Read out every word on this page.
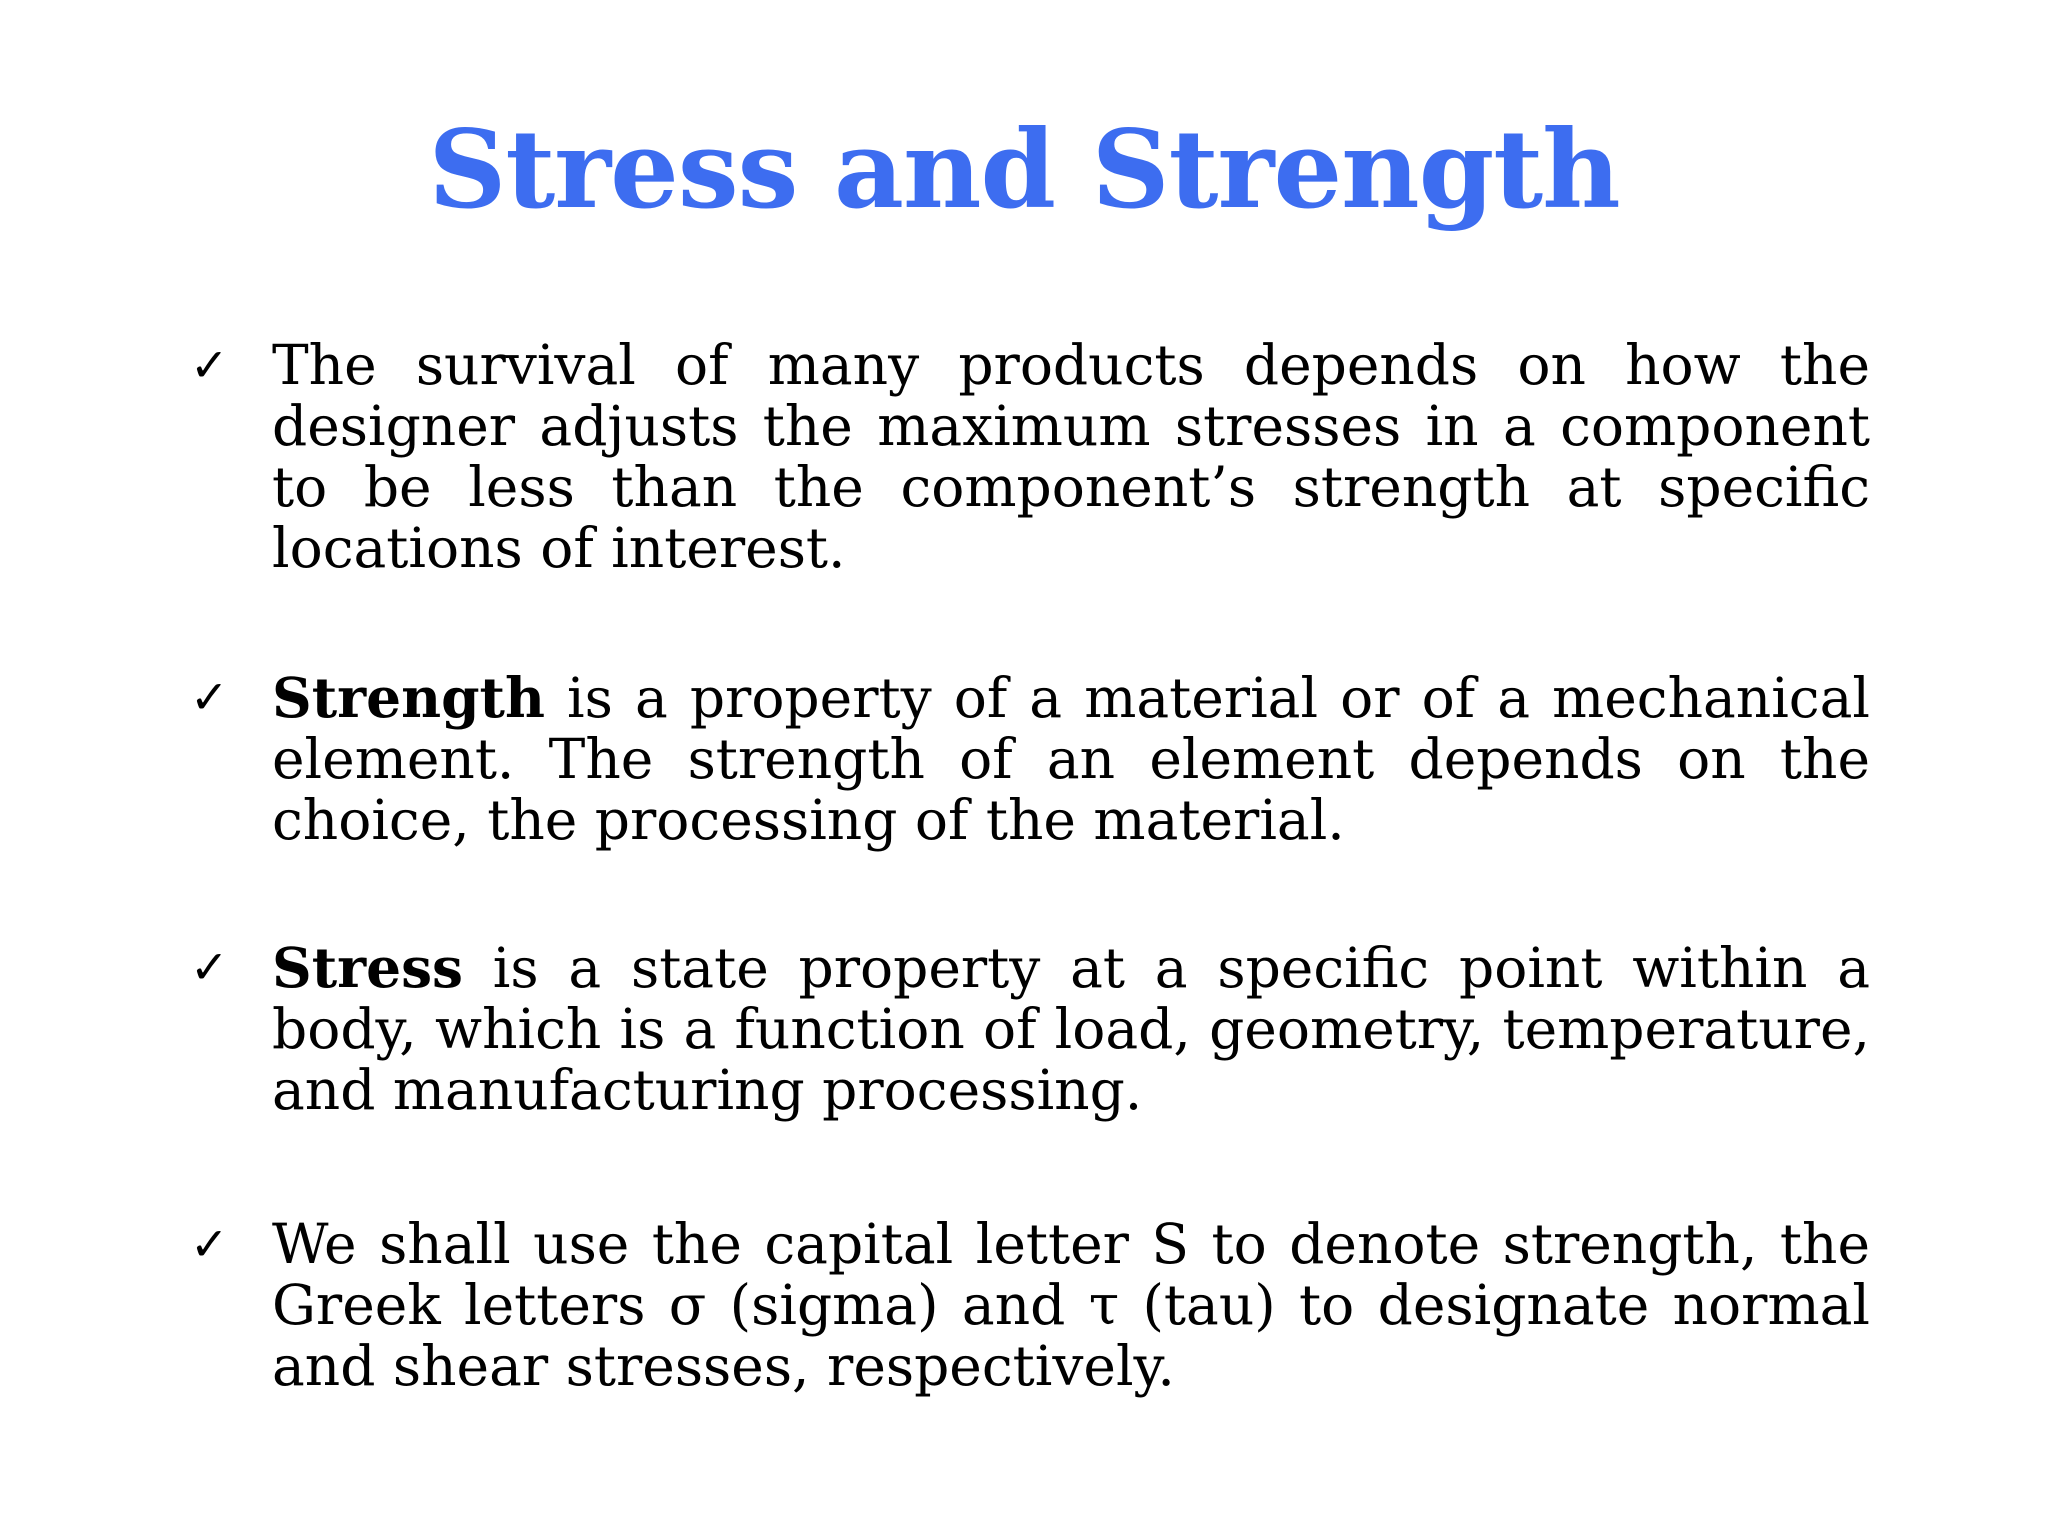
Stress and Strength
✓ The survival of many products depends on how the designer adjusts the maximum stresses in a component to be less than the component’s strength at specific locations of interest.
✓ Strength is a property of a material or of a mechanical element. The strength of an element depends on the choice, the processing of the material.
✓ Stress is a state property at a specific point within a body, which is a function of load, geometry, temperature, and manufacturing processing.
✓ We shall use the capital letter S to denote strength, the Greek letters σ (sigma) and τ (tau) to designate normal and shear stresses, respectively.
